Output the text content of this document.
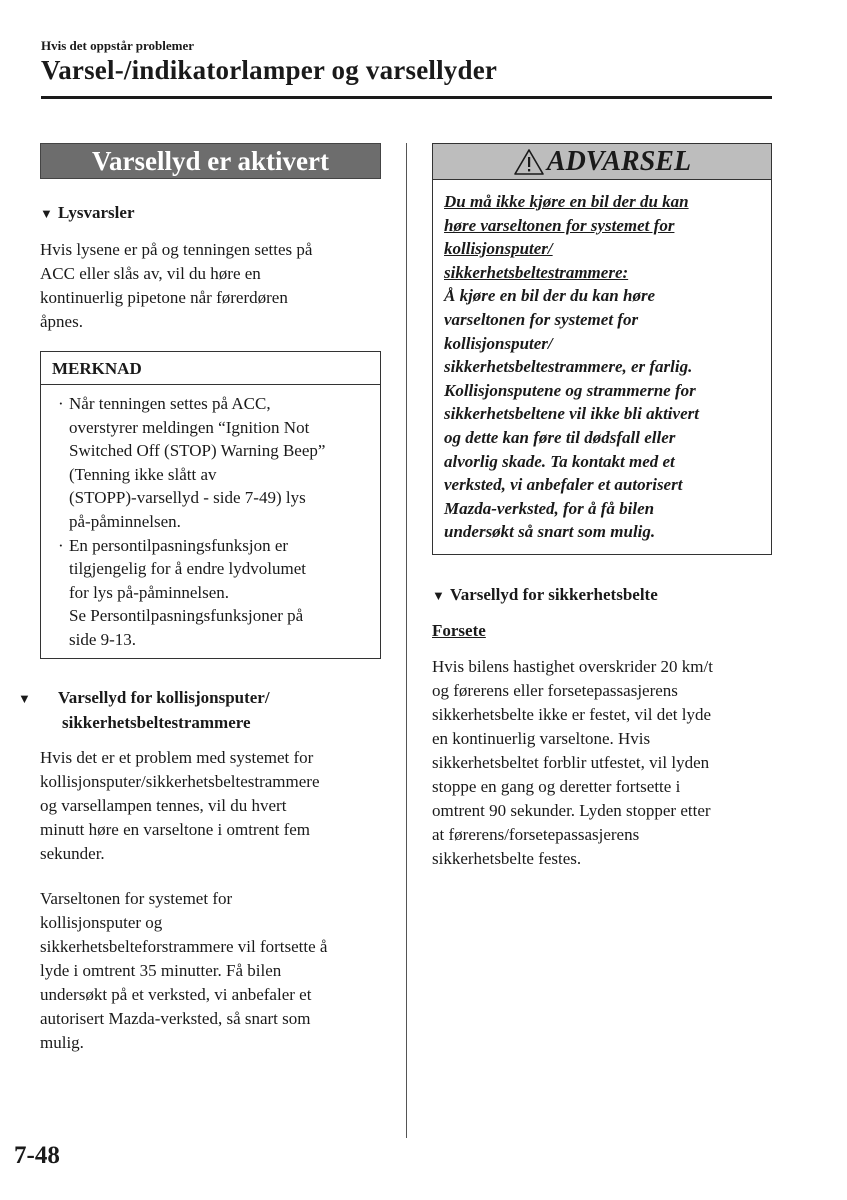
Hvis det oppstår problemer
Varsel-/indikatorlamper og varsellyder
Varsellyd er aktivert
▼ Lysvarsler
Hvis lysene er på og tenningen settes på
ACC eller slås av, vil du høre en
kontinuerlig pipetone når førerdøren
åpnes.
MERKNAD
· Når tenningen settes på ACC,
overstyrer meldingen “Ignition Not
Switched Off (STOP) Warning Beep”
(Tenning ikke slått av
(STOPP)-varsellyd - side 7-49) lys
på-påminnelsen.
· En persontilpasningsfunksjon er
tilgjengelig for å endre lydvolumet
for lys på-påminnelsen.
Se Persontilpasningsfunksjoner på
side 9-13.
▼ Varsellyd for kollisjonsputer/
sikkerhetsbeltestrammere
Hvis det er et problem med systemet for
kollisjonsputer/sikkerhetsbeltestrammere
og varsellampen tennes, vil du hvert
minutt høre en varseltone i omtrent fem
sekunder.
Varseltonen for systemet for
kollisjonsputer og
sikkerhetsbelteforstrammere vil fortsette å
lyde i omtrent 35 minutter. Få bilen
undersøkt på et verksted, vi anbefaler et
autorisert Mazda-verksted, så snart som
mulig.
ADVARSEL
Du må ikke kjøre en bil der du kan
høre varseltonen for systemet for
kollisjonsputer/
sikkerhetsbeltestrammere:
Å kjøre en bil der du kan høre
varseltonen for systemet for
kollisjonsputer/
sikkerhetsbeltestrammere, er farlig.
Kollisjonsputene og strammerne for
sikkerhetsbeltene vil ikke bli aktivert
og dette kan føre til dødsfall eller
alvorlig skade. Ta kontakt med et
verksted, vi anbefaler et autorisert
Mazda-verksted, for å få bilen
undersøkt så snart som mulig.
▼ Varsellyd for sikkerhetsbelte
Forsete
Hvis bilens hastighet overskrider 20 km/t
og førerens eller forsetepassasjerens
sikkerhetsbelte ikke er festet, vil det lyde
en kontinuerlig varseltone. Hvis
sikkerhetsbeltet forblir utfestet, vil lyden
stoppe en gang og deretter fortsette i
omtrent 90 sekunder. Lyden stopper etter
at førerens/forsetepassasjerens
sikkerhetsbelte festes.
7-48
